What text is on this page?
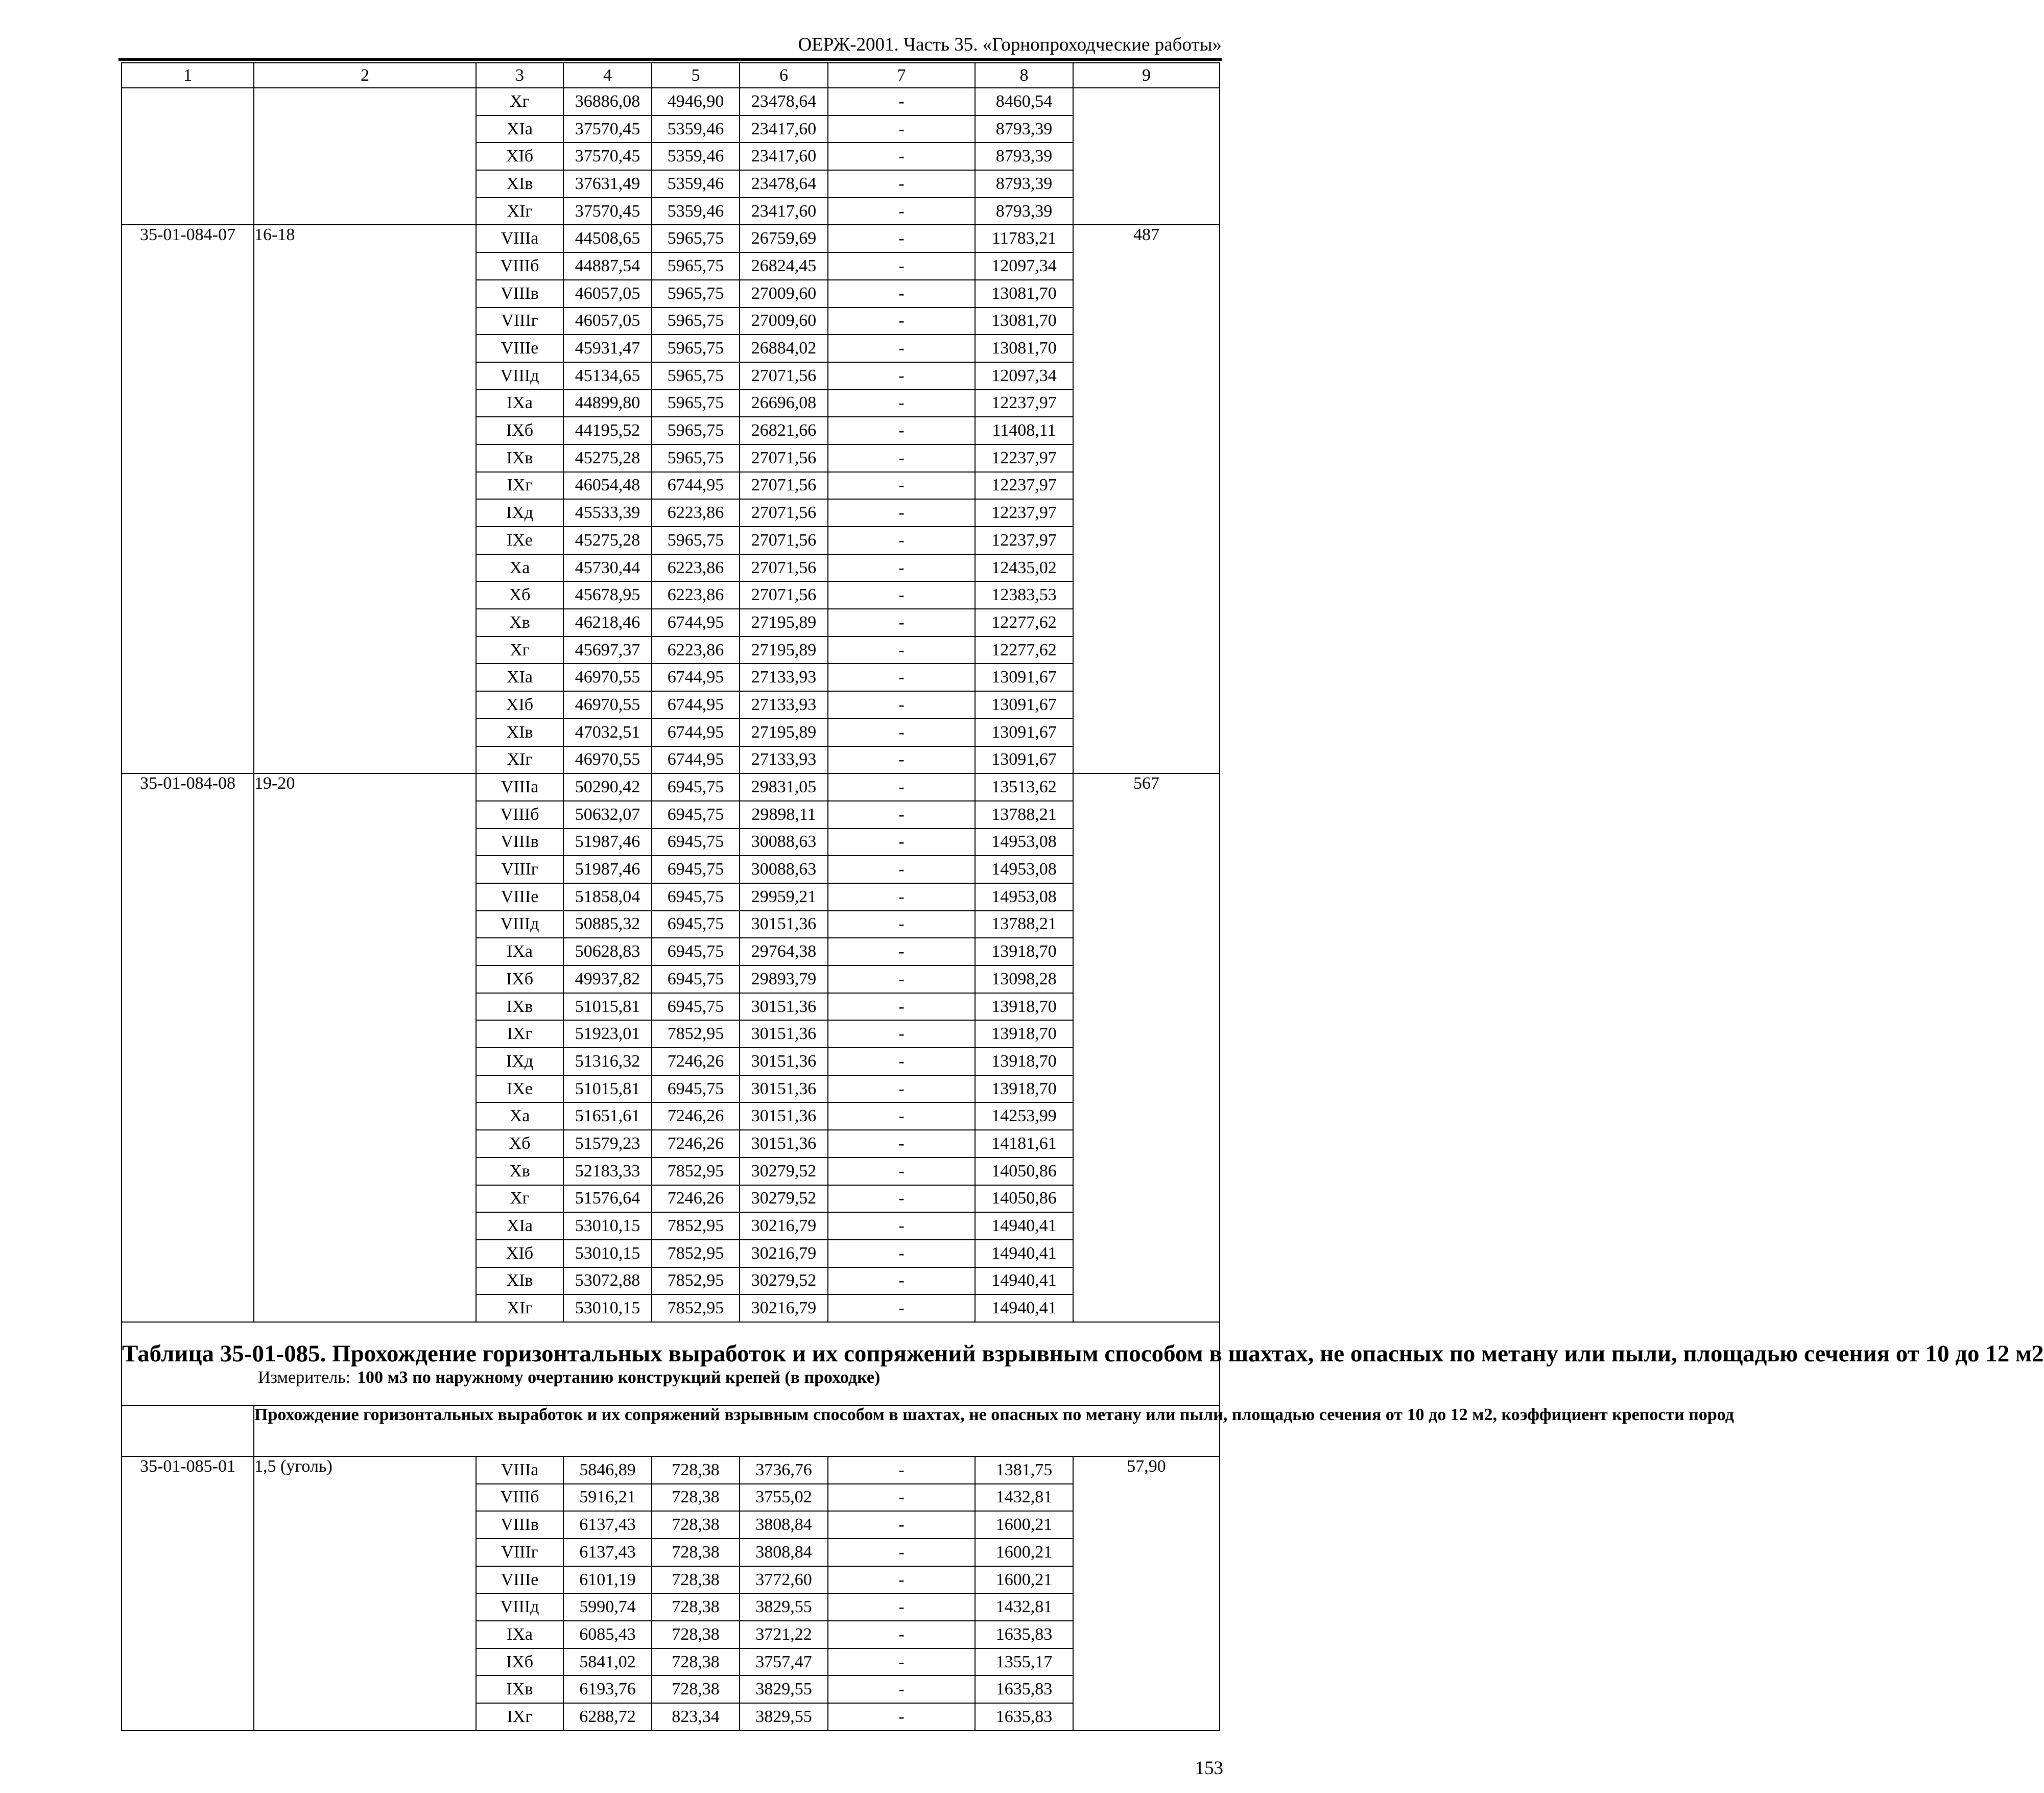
ОЕРЖ-2001. Часть 35. «Горнопроходческие работы»
1	2	3	4	5	6	7	8	9
		Xг	36886,08	4946,90	23478,64	-	8460,54	
		XIa	37570,45	5359,46	23417,60	-	8793,39	
		XIб	37570,45	5359,46	23417,60	-	8793,39	
		XIв	37631,49	5359,46	23478,64	-	8793,39	
		XIг	37570,45	5359,46	23417,60	-	8793,39	
35-01-084-07	16-18	VIIIa	44508,65	5965,75	26759,69	-	11783,21	487
		VIIIб	44887,54	5965,75	26824,45	-	12097,34	
		VIIIв	46057,05	5965,75	27009,60	-	13081,70	
		VIIIг	46057,05	5965,75	27009,60	-	13081,70	
		VIIIe	45931,47	5965,75	26884,02	-	13081,70	
		VIIIд	45134,65	5965,75	27071,56	-	12097,34	
		IXa	44899,80	5965,75	26696,08	-	12237,97	
		IXб	44195,52	5965,75	26821,66	-	11408,11	
		IXв	45275,28	5965,75	27071,56	-	12237,97	
		IXг	46054,48	6744,95	27071,56	-	12237,97	
		IXд	45533,39	6223,86	27071,56	-	12237,97	
		IXe	45275,28	5965,75	27071,56	-	12237,97	
		Xa	45730,44	6223,86	27071,56	-	12435,02	
		Xб	45678,95	6223,86	27071,56	-	12383,53	
		Xв	46218,46	6744,95	27195,89	-	12277,62	
		Xг	45697,37	6223,86	27195,89	-	12277,62	
		XIa	46970,55	6744,95	27133,93	-	13091,67	
		XIб	46970,55	6744,95	27133,93	-	13091,67	
		XIв	47032,51	6744,95	27195,89	-	13091,67	
		XIг	46970,55	6744,95	27133,93	-	13091,67	
35-01-084-08	19-20	VIIIa	50290,42	6945,75	29831,05	-	13513,62	567
		VIIIб	50632,07	6945,75	29898,11	-	13788,21	
		VIIIв	51987,46	6945,75	30088,63	-	14953,08	
		VIIIг	51987,46	6945,75	30088,63	-	14953,08	
		VIIIe	51858,04	6945,75	29959,21	-	14953,08	
		VIIIд	50885,32	6945,75	30151,36	-	13788,21	
		IXa	50628,83	6945,75	29764,38	-	13918,70	
		IXб	49937,82	6945,75	29893,79	-	13098,28	
		IXв	51015,81	6945,75	30151,36	-	13918,70	
		IXг	51923,01	7852,95	30151,36	-	13918,70	
		IXд	51316,32	7246,26	30151,36	-	13918,70	
		IXe	51015,81	6945,75	30151,36	-	13918,70	
		Xa	51651,61	7246,26	30151,36	-	14253,99	
		Xб	51579,23	7246,26	30151,36	-	14181,61	
		Xв	52183,33	7852,95	30279,52	-	14050,86	
		Xг	51576,64	7246,26	30279,52	-	14050,86	
		XIa	53010,15	7852,95	30216,79	-	14940,41	
		XIб	53010,15	7852,95	30216,79	-	14940,41	
		XIв	53072,88	7852,95	30279,52	-	14940,41	
		XIг	53010,15	7852,95	30216,79	-	14940,41	

Таблица 35-01-085. Прохождение горизонтальных выработок и их сопряжений взрывным способом в шахтах, не опасных по метану или пыли, площадью сечения от 10 до 12 м2
Измеритель: 100 м3 по наружному очертанию конструкций крепей (в проходке)								

	Прохождение горизонтальных выработок и их сопряжений взрывным способом в шахтах, не опасных по метану или пыли, площадью сечения от 10 до 12 м2, коэффициент крепости пород							
35-01-085-01	1,5 (уголь)	VIIIa	5846,89	728,38	3736,76	-	1381,75	57,90
		VIIIб	5916,21	728,38	3755,02	-	1432,81	
		VIIIв	6137,43	728,38	3808,84	-	1600,21	
		VIIIг	6137,43	728,38	3808,84	-	1600,21	
		VIIIe	6101,19	728,38	3772,60	-	1600,21	
		VIIIд	5990,74	728,38	3829,55	-	1432,81	
		IXa	6085,43	728,38	3721,22	-	1635,83	
		IXб	5841,02	728,38	3757,47	-	1355,17	
		IXв	6193,76	728,38	3829,55	-	1635,83	
		IXг	6288,72	823,34	3829,55	-	1635,83	
153
